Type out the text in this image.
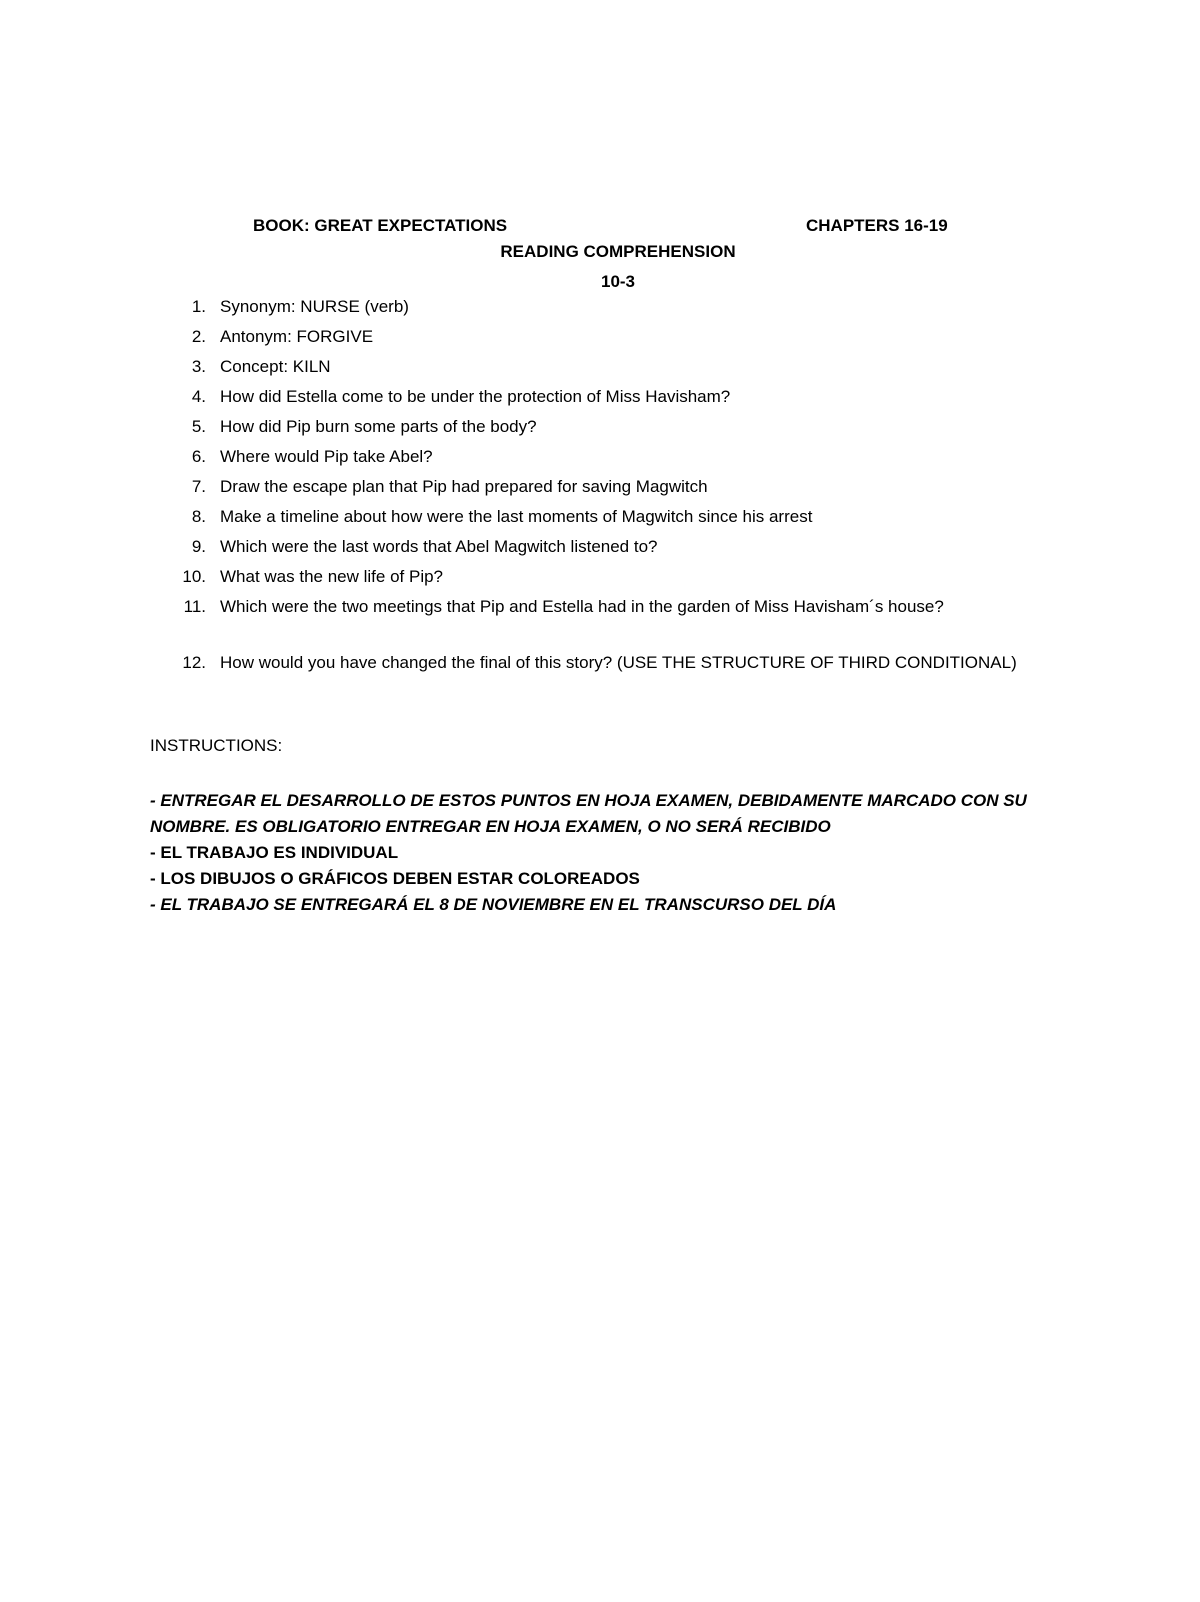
BOOK: GREAT EXPECTATIONS	CHAPTERS 16-19
READING COMPREHENSION
10-3
1. Synonym: NURSE (verb)
2. Antonym: FORGIVE
3. Concept: KILN
4. How did Estella come to be under the protection of Miss Havisham?
5. How did Pip burn some parts of the body?
6. Where would Pip take Abel?
7. Draw the escape plan that Pip had prepared for saving Magwitch
8. Make a timeline about how were the last moments of Magwitch since his arrest
9. Which were the last words that Abel Magwitch listened to?
10. What was the new life of Pip?
11. Which were the two meetings that Pip and Estella had in the garden of Miss Havisham´s house?
12. How would you have changed the final of this story? (USE THE STRUCTURE OF THIRD CONDITIONAL)
INSTRUCTIONS:
- ENTREGAR EL DESARROLLO DE ESTOS PUNTOS EN HOJA EXAMEN, DEBIDAMENTE MARCADO CON SU NOMBRE. ES OBLIGATORIO ENTREGAR EN HOJA EXAMEN, O NO SERÁ RECIBIDO
- EL TRABAJO ES INDIVIDUAL
- LOS DIBUJOS O GRÁFICOS DEBEN ESTAR COLOREADOS
- EL TRABAJO SE ENTREGARÁ EL 8 DE NOVIEMBRE EN EL TRANSCURSO DEL DÍA
